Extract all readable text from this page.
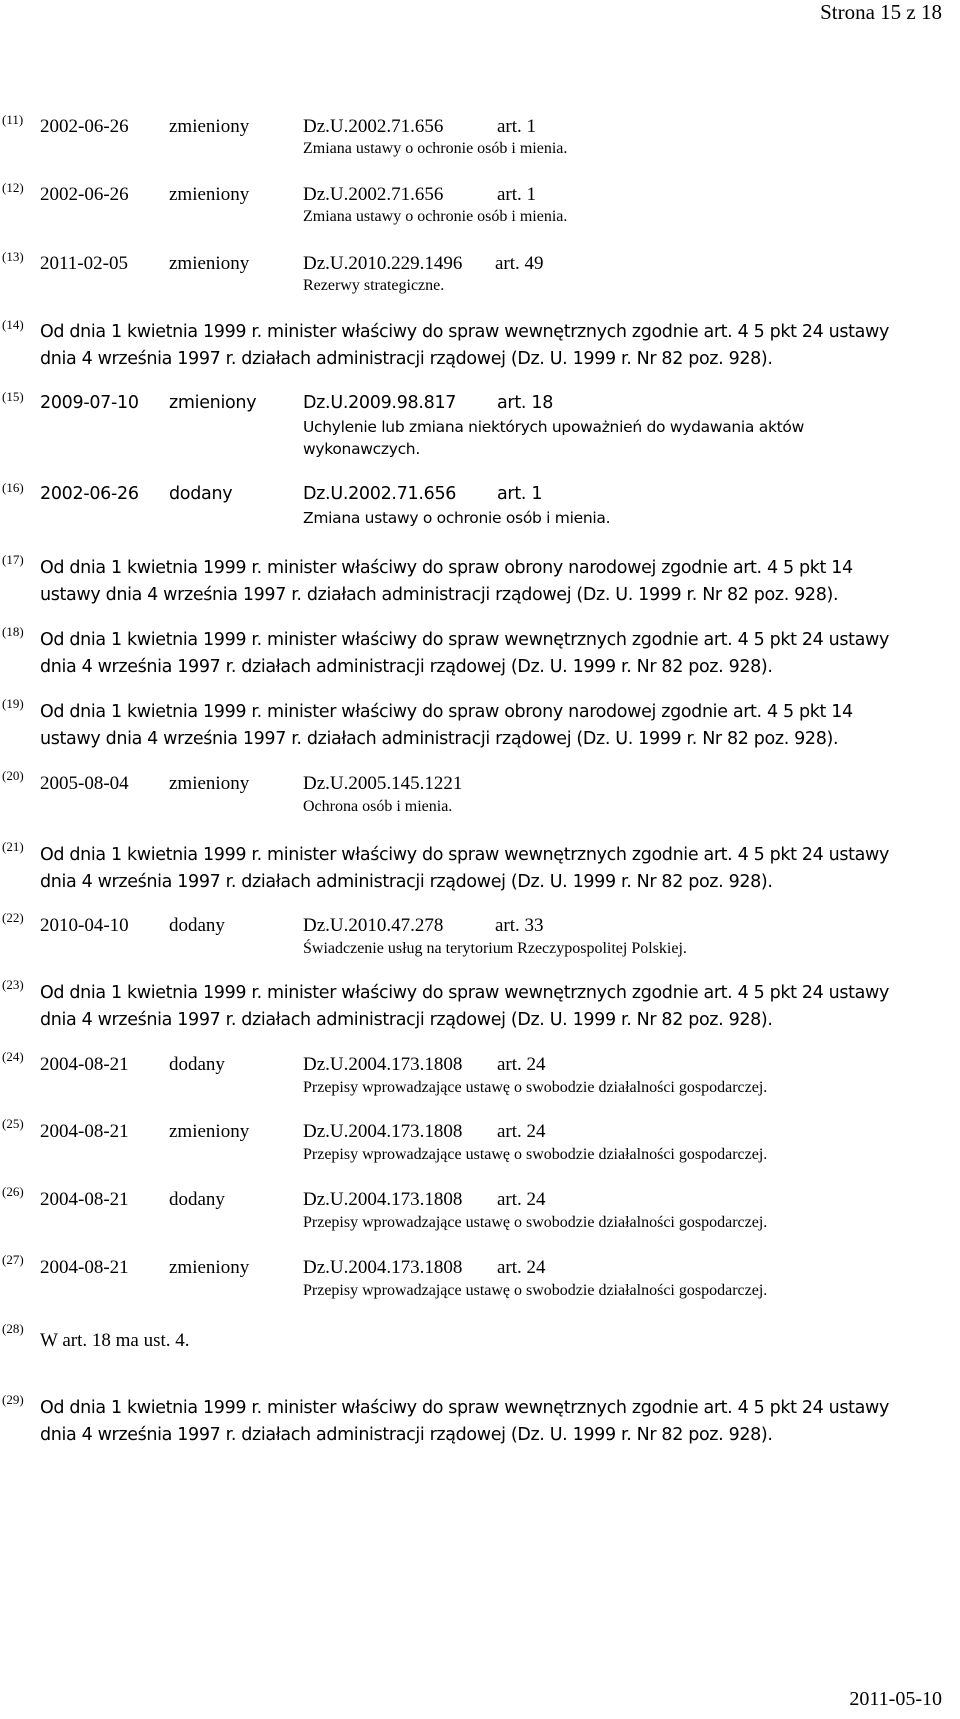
Strona 15 z 18
(11) 2002-06-26 zmieniony	Dz.U.2002.71.656	art. 1
Zmiana ustawy o ochronie osób i mienia.
(12) 2002-06-26 zmieniony	Dz.U.2002.71.656	art. 1
Zmiana ustawy o ochronie osób i mienia.
(13) 2011-02-05 zmieniony	Dz.U.2010.229.1496 art. 49
Rezerwy strategiczne.
(14) Od dnia 1 kwietnia 1999 r. minister właściwy do spraw wewnętrznych zgodnie art. 4 5 pkt 24 ustawy
dnia 4 września 1997 r. działach administracji rządowej (Dz. U. 1999 r. Nr 82 poz. 928).
(15) 2009-07-10 zmieniony	Dz.U.2009.98.817 art. 18
Uchylenie lub zmiana niektórych upoważnień do wydawania aktów
wykonawczych.
(16) 2002-06-26 dodany	Dz.U.2002.71.656 art. 1
Zmiana ustawy o ochronie osób i mienia.
(17) Od dnia 1 kwietnia 1999 r. minister właściwy do spraw obrony narodowej zgodnie art. 4 5 pkt 14
ustawy dnia 4 września 1997 r. działach administracji rządowej (Dz. U. 1999 r. Nr 82 poz. 928).
(18) Od dnia 1 kwietnia 1999 r. minister właściwy do spraw wewnętrznych zgodnie art. 4 5 pkt 24 ustawy
dnia 4 września 1997 r. działach administracji rządowej (Dz. U. 1999 r. Nr 82 poz. 928).
(19) Od dnia 1 kwietnia 1999 r. minister właściwy do spraw obrony narodowej zgodnie art. 4 5 pkt 14
ustawy dnia 4 września 1997 r. działach administracji rządowej (Dz. U. 1999 r. Nr 82 poz. 928).
(20) 2005-08-04 zmieniony	Dz.U.2005.145.1221
Ochrona osób i mienia.
(21) Od dnia 1 kwietnia 1999 r. minister właściwy do spraw wewnętrznych zgodnie art. 4 5 pkt 24 ustawy
dnia 4 września 1997 r. działach administracji rządowej (Dz. U. 1999 r. Nr 82 poz. 928).
(22) 2010-04-10 dodany	Dz.U.2010.47.278	art. 33
Świadczenie usług na terytorium Rzeczypospolitej Polskiej.
(23) Od dnia 1 kwietnia 1999 r. minister właściwy do spraw wewnętrznych zgodnie art. 4 5 pkt 24 ustawy
dnia 4 września 1997 r. działach administracji rządowej (Dz. U. 1999 r. Nr 82 poz. 928).
(24) 2004-08-21 dodany	Dz.U.2004.173.1808 art. 24
Przepisy wprowadzające ustawę o swobodzie działalności gospodarczej.
(25) 2004-08-21 zmieniony	Dz.U.2004.173.1808 art. 24
Przepisy wprowadzające ustawę o swobodzie działalności gospodarczej.
(26) 2004-08-21 dodany	Dz.U.2004.173.1808 art. 24
Przepisy wprowadzające ustawę o swobodzie działalności gospodarczej.
(27) 2004-08-21 zmieniony	Dz.U.2004.173.1808 art. 24
Przepisy wprowadzające ustawę o swobodzie działalności gospodarczej.
(28)
W art. 18 ma ust. 4.
(29) Od dnia 1 kwietnia 1999 r. minister właściwy do spraw wewnętrznych zgodnie art. 4 5 pkt 24 ustawy
dnia 4 września 1997 r. działach administracji rządowej (Dz. U. 1999 r. Nr 82 poz. 928).
2011-05-10
